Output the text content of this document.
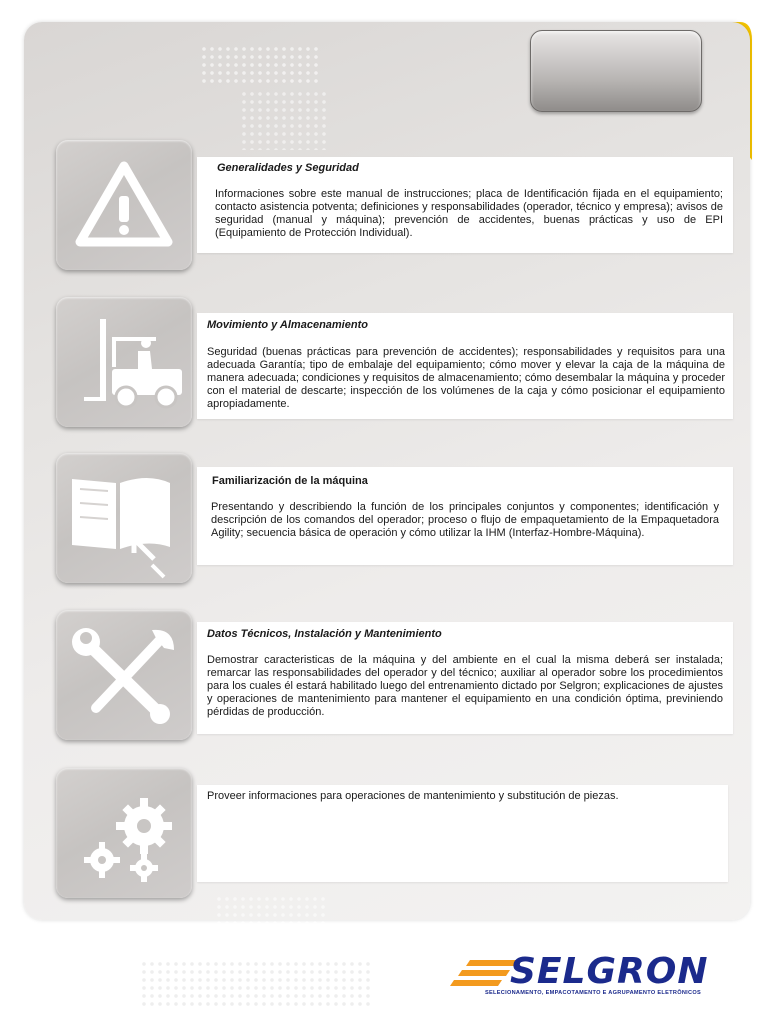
Generalidades y Seguridad
Informaciones sobre este manual de instrucciones; placa de Identificación fijada en el equipamiento; contacto asistencia potventa; definiciones y responsabilidades (operador, técnico y empresa); avisos de seguridad (manual y máquina); prevención de accidentes, buenas prácticas y uso de EPI (Equipamiento de Protección Individual).
Movimiento y Almacenamiento
Seguridad (buenas prácticas para prevención de accidentes); responsabilidades y requisitos para una adecuada Garantía; tipo de embalaje del equipamiento; cómo mover y elevar la caja de la máquina de manera adecuada; condiciones y requisitos de almacenamiento; cómo desembalar la máquina y proceder con el material de descarte; inspección de los volúmenes de la caja y cómo posicionar el equipamiento apropiadamente.
Familiarización de la máquina
Presentando y describiendo la función de los principales conjuntos y componentes; identificación y descripción de los comandos del operador; proceso o flujo de empaquetamiento de la Empaquetadora Agility; secuencia básica de operación y cómo utilizar la IHM (Interfaz-Hombre-Máquina).
Datos Técnicos, Instalación y Mantenimiento
Demostrar caracteristicas de la máquina y del ambiente en el cual la misma deberá ser instalada; remarcar las responsabilidades del operador y del técnico; auxiliar al operador sobre los procedimientos para los cuales él estará habilitado luego del entrenamiento dictado por Selgron; explicaciones de ajustes y operaciones de mantenimiento para mantener el equipamiento en una condición óptima, previniendo pérdidas de producción.
Proveer informaciones para operaciones de mantenimiento y substitución de piezas.
SELGRON
SELECIONAMENTO, EMPACOTAMENTO E AGRUPAMENTO ELETRÔNICOS
